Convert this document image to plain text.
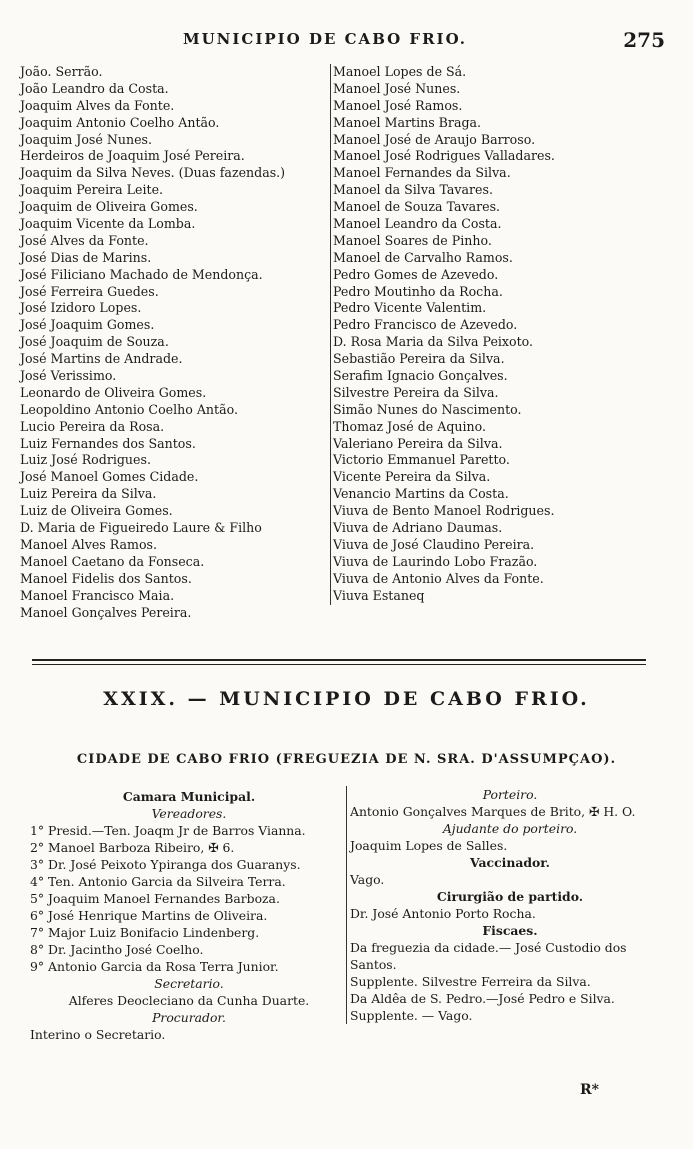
MUNICIPIO DE CABO FRIO.	275
João. Serrão.
João Leandro da Costa.
Joaquim Alves da Fonte.
Joaquim Antonio Coelho Antão.
Joaquim José Nunes.
Herdeiros de Joaquim José Pereira.
Joaquim da Silva Neves. (Duas fazendas.)
Joaquim Pereira Leite.
Joaquim de Oliveira Gomes.
Joaquim Vicente da Lomba.
José Alves da Fonte.
José Dias de Marins.
José Filiciano Machado de Mendonça.
José Ferreira Guedes.
José Izidoro Lopes.
José Joaquim Gomes.
José Joaquim de Souza.
José Martins de Andrade.
José Verissimo.
Leonardo de Oliveira Gomes.
Leopoldino Antonio Coelho Antão.
Lucio Pereira da Rosa.
Luiz Fernandes dos Santos.
Luiz José Rodrigues.
José Manoel Gomes Cidade.
Luiz Pereira da Silva.
Luiz de Oliveira Gomes.
D. Maria de Figueiredo Laure & Filho
Manoel Alves Ramos.
Manoel Caetano da Fonseca.
Manoel Fidelis dos Santos.
Manoel Francisco Maia.
Manoel Gonçalves Pereira.
Manoel Lopes de Sá.
Manoel José Nunes.
Manoel José Ramos.
Manoel Martins Braga.
Manoel José de Araujo Barroso.
Manoel José Rodrigues Valladares.
Manoel Fernandes da Silva.
Manoel da Silva Tavares.
Manoel de Souza Tavares.
Manoel Leandro da Costa.
Manoel Soares de Pinho.
Manoel de Carvalho Ramos.
Pedro Gomes de Azevedo.
Pedro Moutinho da Rocha.
Pedro Vicente Valentim.
Pedro Francisco de Azevedo.
D. Rosa Maria da Silva Peixoto.
Sebastião Pereira da Silva.
Serafim Ignacio Gonçalves.
Silvestre Pereira da Silva.
Simão Nunes do Nascimento.
Thomaz José de Aquino.
Valeriano Pereira da Silva.
Victorio Emmanuel Paretto.
Vicente Pereira da Silva.
Venancio Martins da Costa.
Viuva de Bento Manoel Rodrigues.
Viuva de Adriano Daumas.
Viuva de José Claudino Pereira.
Viuva de Laurindo Lobo Frazão.
Viuva de Antonio Alves da Fonte.
Viuva Estaneq
XXIX. — MUNICIPIO DE CABO FRIO.
CIDADE DE CABO FRIO (FREGUEZIA DE N. SRA. D'ASSUMPÇAO).
Camara Municipal.
Vereadores.
1° Presid.—Ten. Joaqm Jr de Barros Vianna.
2° Manoel Barboza Ribeiro, ✠ 6.
3° Dr. José Peixoto Ypiranga dos Guaranys.
4° Ten. Antonio Garcia da Silveira Terra.
5° Joaquim Manoel Fernandes Barboza.
6° José Henrique Martins de Oliveira.
7° Major Luiz Bonifacio Lindenberg.
8° Dr. Jacintho José Coelho.
9° Antonio Garcia da Rosa Terra Junior.
Secretario.
Alferes Deocleciano da Cunha Duarte.
Procurador.
Interino o Secretario.
Porteiro.
Antonio Gonçalves Marques de Brito, ✠ H. O.
Ajudante do porteiro.
Joaquim Lopes de Salles.
Vaccinador.
Vago.
Cirurgião de partido.
Dr. José Antonio Porto Rocha.
Fiscaes.
Da freguezia da cidade.— José Custodio dos
Santos.
Supplente. Silvestre Ferreira da Silva.
Da Aldêa de S. Pedro.—José Pedro e Silva.
Supplente. — Vago.
R*
